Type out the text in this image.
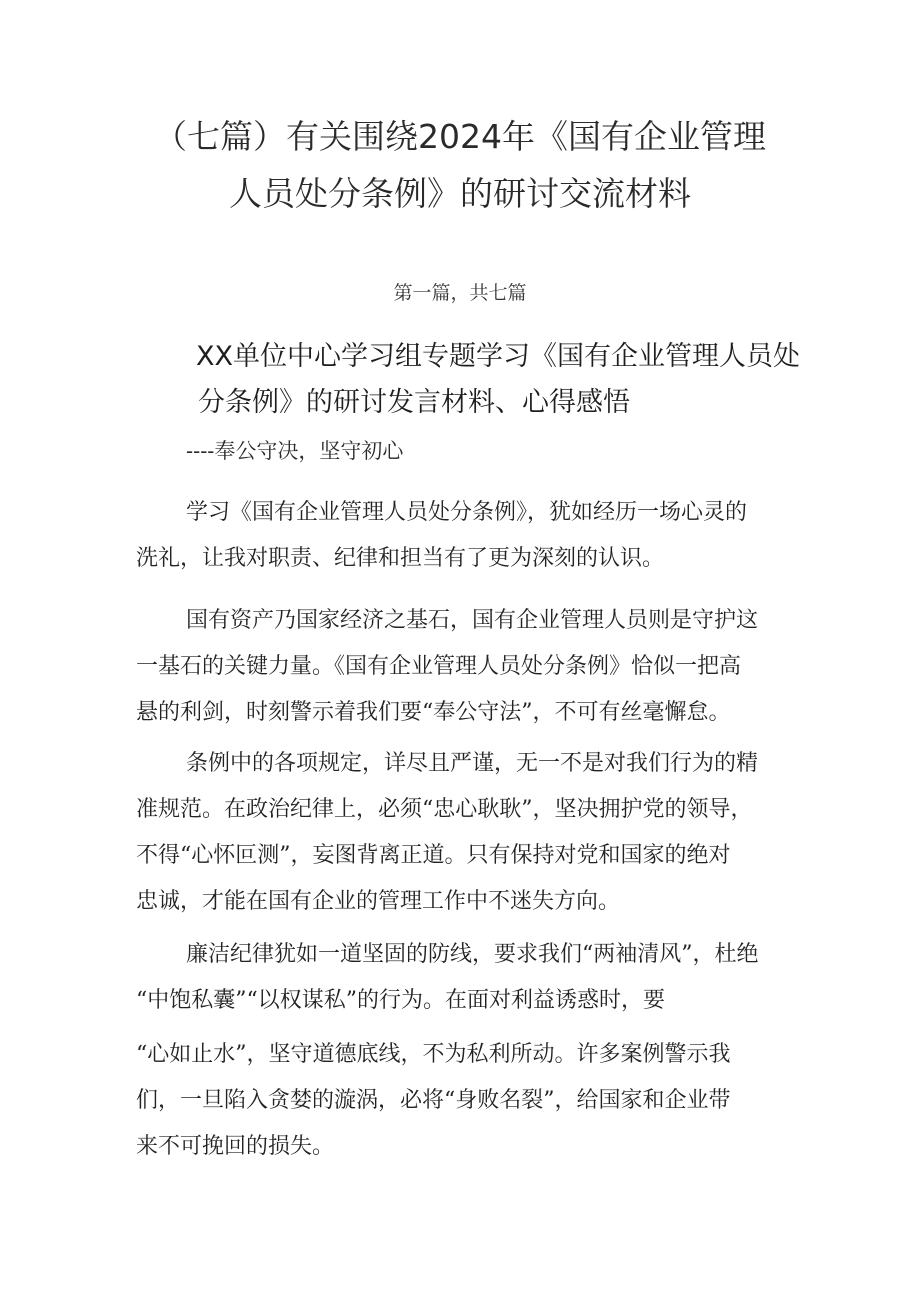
（七篇）有关围绕2024年《国有企业管理
人员处分条例》的研讨交流材料
第一篇，共七篇
XX单位中心学习组专题学习《国有企业管理人员处
分条例》的研讨发言材料、心得感悟
----奉公守决，坚守初心

学习《国有企业管理人员处分条例》，犹如经历一场心灵的
洗礼，让我对职责、纪律和担当有了更为深刻的认识。

国有资产乃国家经济之基石，国有企业管理人员则是守护这
一基石的关键力量。《国有企业管理人员处分条例》恰似一把高
悬的利剑，时刻警示着我们要“奉公守法”，不可有丝毫懈怠。

条例中的各项规定，详尽且严谨，无一不是对我们行为的精
准规范。在政治纪律上，必须“忠心耿耿”，坚决拥护党的领导，
不得“心怀叵测”，妄图背离正道。只有保持对党和国家的绝对
忠诚，才能在国有企业的管理工作中不迷失方向。

廉洁纪律犹如一道坚固的防线，要求我们“两袖清风”，杜绝
“中饱私囊”“以权谋私”的行为。在面对利益诱惑时，要

“心如止水”，坚守道德底线，不为私利所动。许多案例警示我
们，一旦陷入贪婪的漩涡，必将“身败名裂”，给国家和企业带
来不可挽回的损失。
